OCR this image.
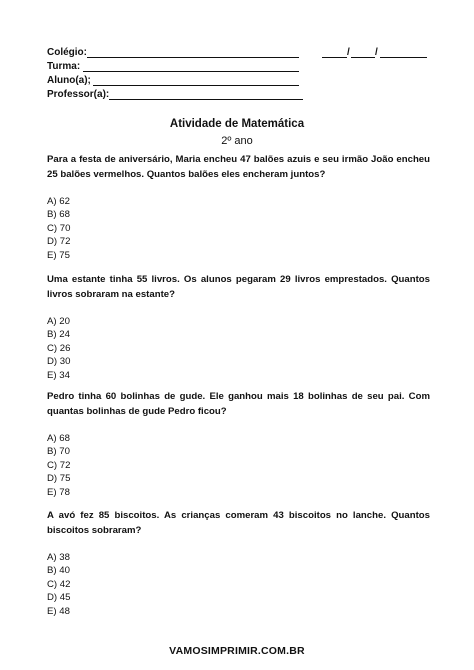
Colégio:	/	/
Turma:
Aluno(a);
Professor(a):
Atividade de Matemática
2º ano

Para a festa de aniversário, Maria encheu 47 balões azuis e seu irmão João encheu 25 balões vermelhos. Quantos balões eles encheram juntos?

A) 62
B) 68
C) 70
D) 72
E) 75

Uma estante tinha 55 livros. Os alunos pegaram 29 livros emprestados. Quantos livros sobraram na estante?

A) 20
B) 24
C) 26
D) 30
E) 34

Pedro tinha 60 bolinhas de gude. Ele ganhou mais 18 bolinhas de seu pai. Com quantas bolinhas de gude Pedro ficou?

A) 68
B) 70
C) 72
D) 75
E) 78

A avó fez 85 biscoitos. As crianças comeram 43 biscoitos no lanche. Quantos biscoitos sobraram?

A) 38
B) 40
C) 42
D) 45
E) 48
VAMOSIMPRIMIR.COM.BR
